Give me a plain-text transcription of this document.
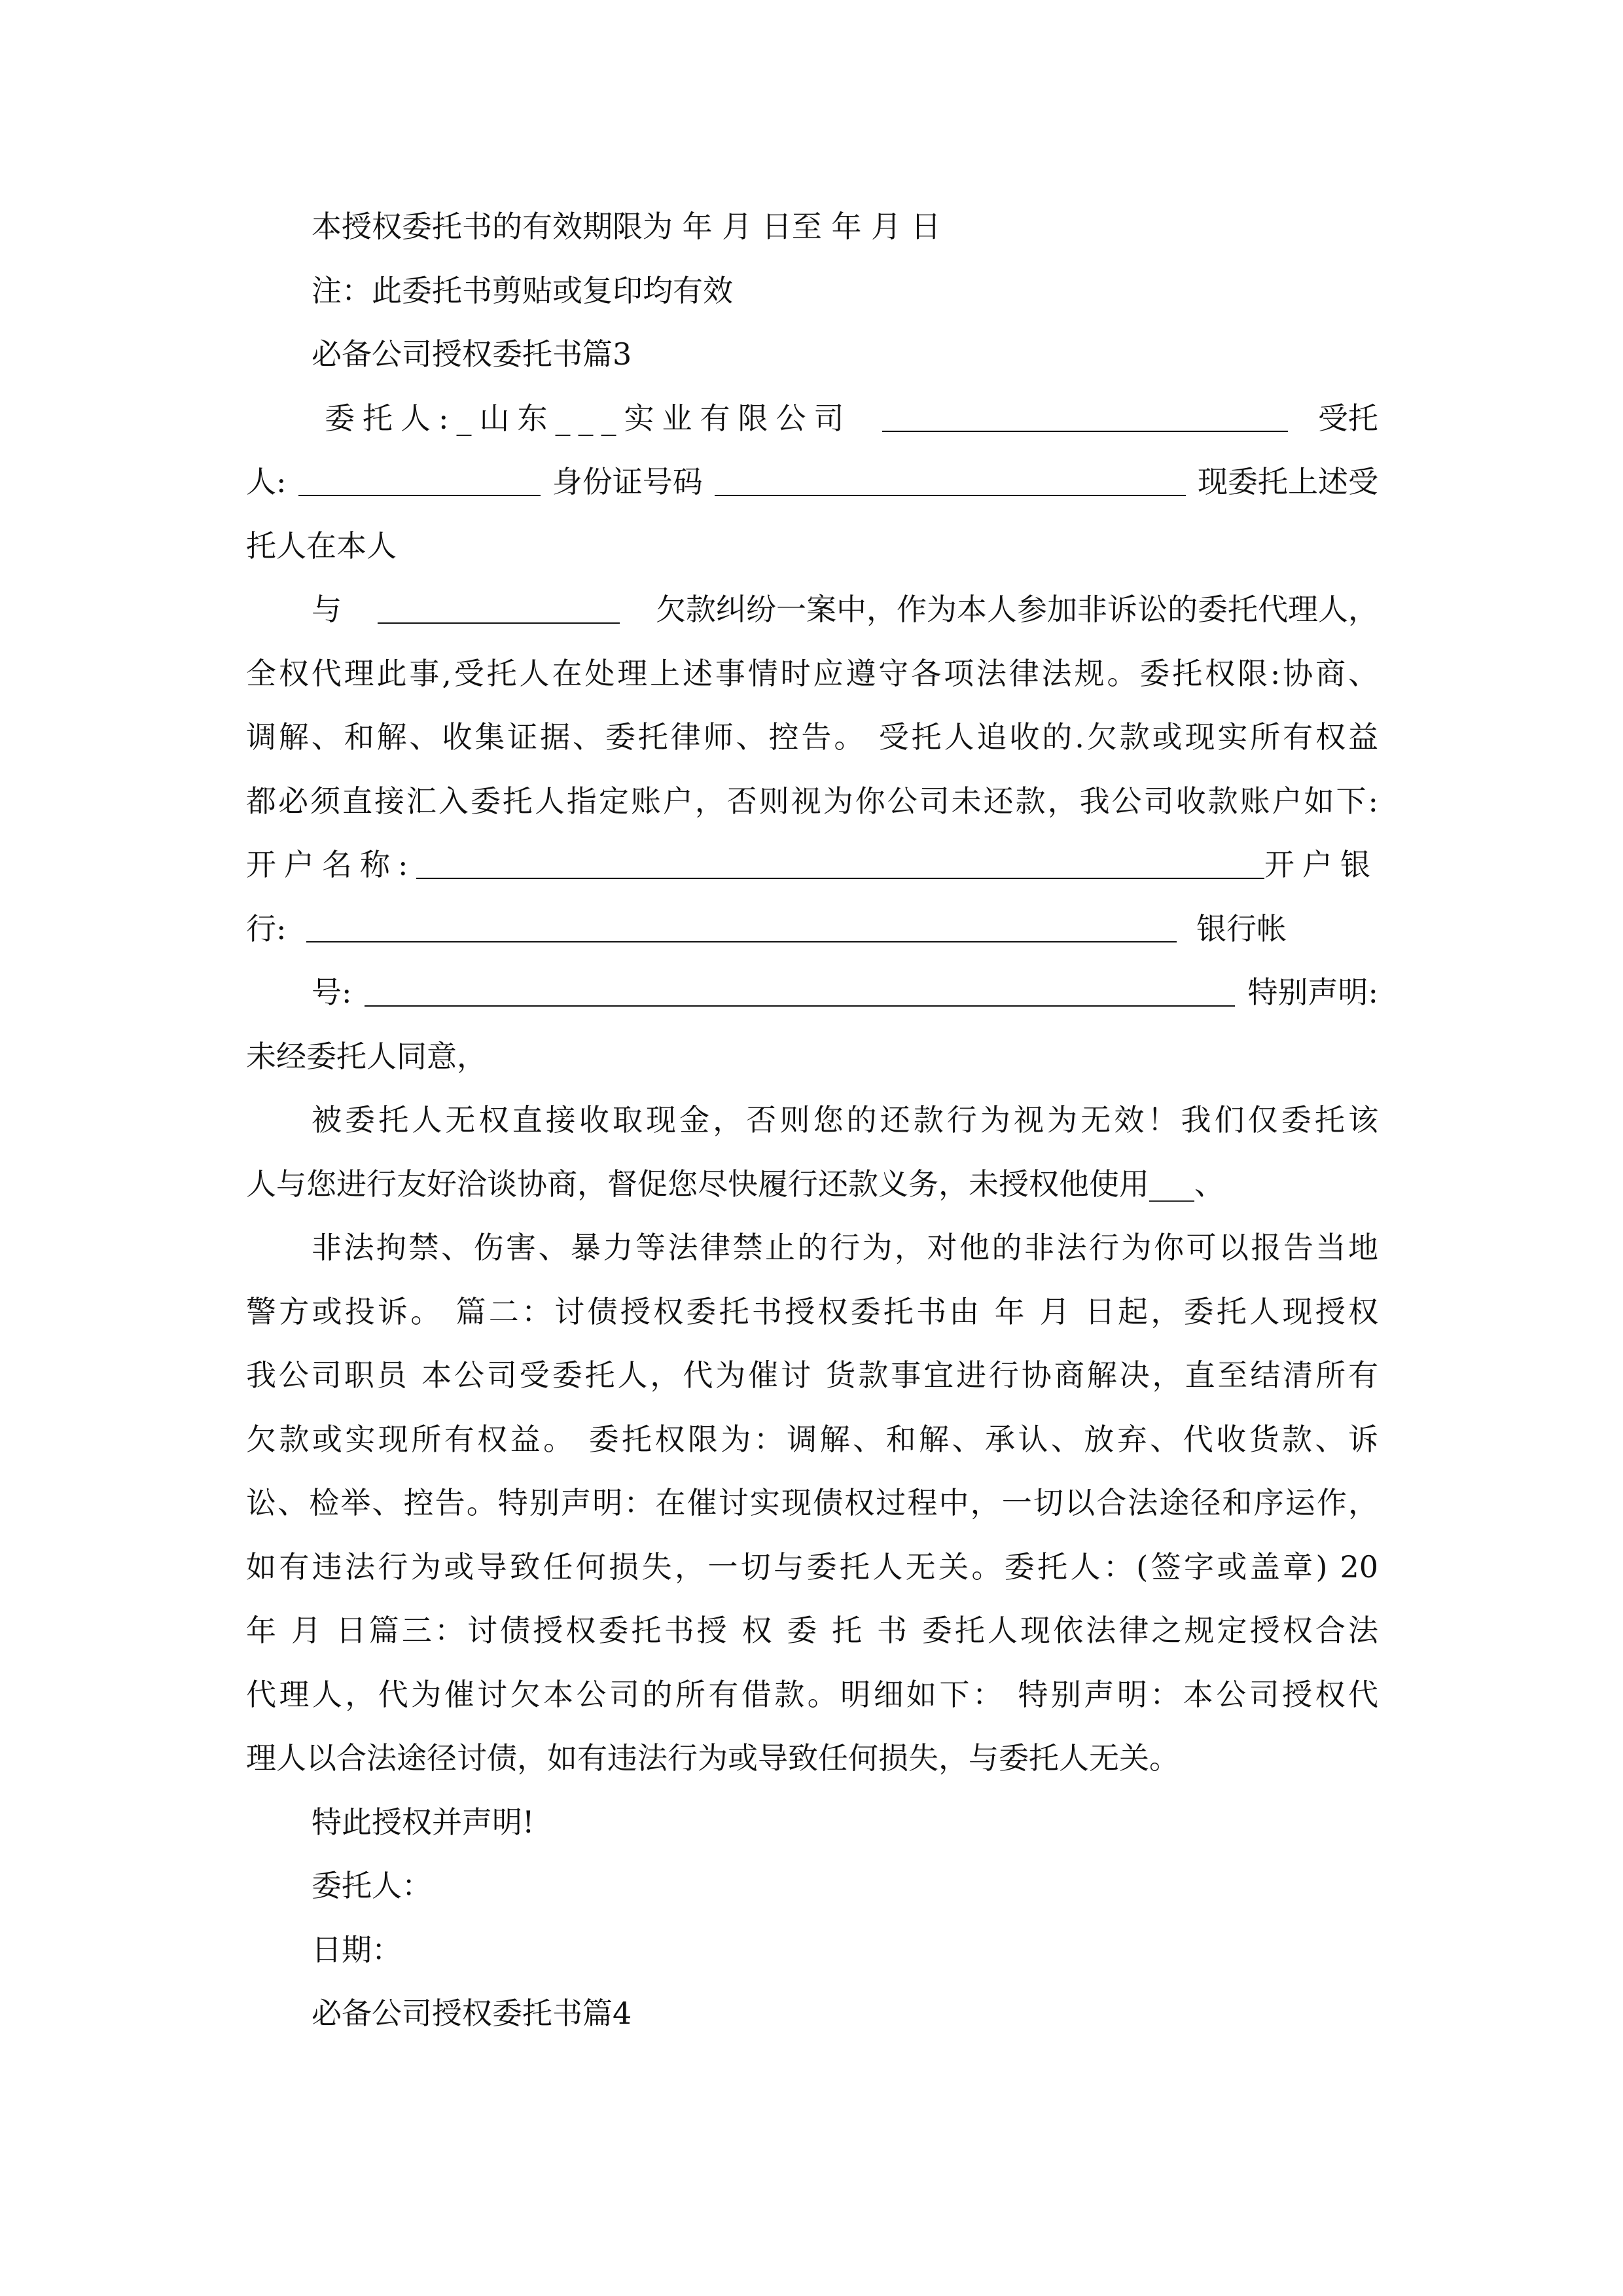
本授权委托书的有效期限为 年 月 日至 年 月 日
注：此委托书剪贴或复印均有效
必备公司授权委托书篇3
委托人:_山东___实业有限公司	受托
人:	身份证号码	现委托上述受
托人在本人
与	欠款纠纷一案中，作为本人参加非诉讼的委托代理人，
全权代理此事,受托人在处理上述事情时应遵守各项法律法规。委托权限:协商、
调解、和解、收集证据、委托律师、控告。 受托人追收的.欠款或现实所有权益
都必须直接汇入委托人指定账户，否则视为你公司未还款，我公司收款账户如下:
开户名称:	开户银
行:	银行帐
号:	特别声明:
未经委托人同意，
被委托人无权直接收取现金，否则您的还款行为视为无效！我们仅委托该
人与您进行友好洽谈协商，督促您尽快履行还款义务，未授权他使用___、
非法拘禁、伤害、暴力等法律禁止的行为，对他的非法行为你可以报告当地
警方或投诉。 篇二：讨债授权委托书授权委托书由 年 月 日起，委托人现授权
我公司职员 本公司受委托人，代为催讨 货款事宜进行协商解决，直至结清所有
欠款或实现所有权益。 委托权限为：调解、和解、承认、放弃、代收货款、诉
讼、检举、控告。特别声明：在催讨实现债权过程中，一切以合法途径和序运作，
如有违法行为或导致任何损失，一切与委托人无关。委托人：(签字或盖章) 20
年 月 日篇三：讨债授权委托书授 权 委 托 书 委托人现依法律之规定授权合法
代理人，代为催讨欠本公司的所有借款。明细如下： 特别声明：本公司授权代
理人以合法途径讨债，如有违法行为或导致任何损失，与委托人无关。
特此授权并声明!
委托人：
日期：
必备公司授权委托书篇4
